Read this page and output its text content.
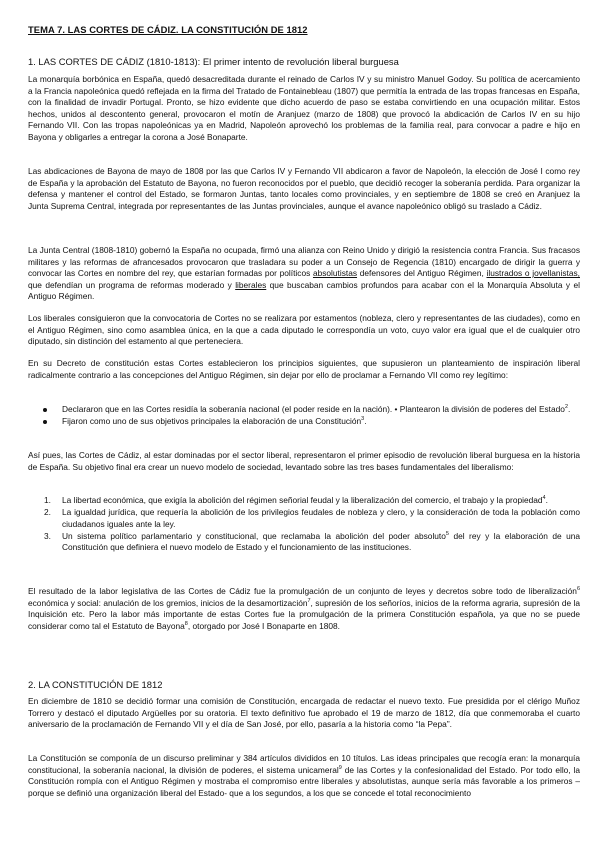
TEMA 7. LAS CORTES DE CÁDIZ. LA CONSTITUCIÓN DE 1812
1. LAS CORTES DE CÁDIZ (1810-1813): El primer intento de revolución liberal burguesa

La monarquía borbónica en España, quedó desacreditada durante el reinado de Carlos IV y su ministro Manuel Godoy. Su política de acercamiento a la Francia napoleónica quedó reflejada en la firma del Tratado de Fontainebleau (1807) que permitía la entrada de las tropas francesas en España, con la finalidad de invadir Portugal. Pronto, se hizo evidente que dicho acuerdo de paso se estaba convirtiendo en una ocupación militar. Estos hechos, unidos al descontento general, provocaron el motín de Aranjuez (marzo de 1808) que provocó la abdicación de Carlos IV en su hijo Fernando VII. Con las tropas napoleónicas ya en Madrid, Napoleón aprovechó los problemas de la familia real, para convocar a padre e hijo en Bayona y obligarles a entregar la corona a José Bonaparte.

Las abdicaciones de Bayona de mayo de 1808 por las que Carlos IV y Fernando VII abdicaron a favor de Napoleón, la elección de José I como rey de España y la aprobación del Estatuto de Bayona, no fueron reconocidos por el pueblo, que decidió recoger la soberanía perdida. Para organizar la defensa y mantener el control del Estado, se formaron Juntas, tanto locales como provinciales, y en septiembre de 1808 se creó en Aranjuez la Junta Suprema Central, integrada por representantes de las Juntas provinciales, aunque el avance napoleónico obligó su traslado a Cádiz.

La Junta Central (1808-1810) gobernó la España no ocupada, firmó una alianza con Reino Unido y dirigió la resistencia contra Francia. Sus fracasos militares y las reformas de afrancesados provocaron que trasladara su poder a un Consejo de Regencia (1810) encargado de dirigir la guerra y convocar las Cortes en nombre del rey, que estarían formadas por políticos absolutistas defensores del Antiguo Régimen, ilustrados o jovellanistas, que defendían un programa de reformas moderado y liberales que buscaban cambios profundos para acabar con el la Monarquía Absoluta y el Antiguo Régimen.

Los liberales consiguieron que la convocatoria de Cortes no se realizara por estamentos (nobleza, clero y representantes de las ciudades), como en el Antiguo Régimen, sino como asamblea única, en la que a cada diputado le correspondía un voto, cuyo valor era igual que el de cualquier otro diputado, sin distinción del estamento al que perteneciera.

En su Decreto de constitución estas Cortes establecieron los principios siguientes, que supusieron un planteamiento de inspiración liberal radicalmente contrario a las concepciones del Antiguo Régimen, sin dejar por ello de proclamar a Fernando VII como rey legítimo:

Declararon que en las Cortes residía la soberanía nacional (el poder reside en la nación). • Plantearon la división de poderes del Estado$^2$.
Fijaron como uno de sus objetivos principales la elaboración de una Constitución$^3$.

Así pues, las Cortes de Cádiz, al estar dominadas por el sector liberal, representaron el primer episodio de revolución liberal burguesa en la historia de España. Su objetivo final era crear un nuevo modelo de sociedad, levantado sobre las tres bases fundamentales del liberalismo:

1. La libertad económica, que exigía la abolición del régimen señorial feudal y la liberalización del comercio, el trabajo y la propiedad$^4$.
2. La igualdad jurídica, que requería la abolición de los privilegios feudales de nobleza y clero, y la consideración de toda la población como ciudadanos iguales ante la ley.
3. Un sistema político parlamentario y constitucional, que reclamaba la abolición del poder absoluto$^5$ del rey y la elaboración de una Constitución que definiera el nuevo modelo de Estado y el funcionamiento de las instituciones.

El resultado de la labor legislativa de las Cortes de Cádiz fue la promulgación de un conjunto de leyes y decretos sobre todo de liberalización$^6$ económica y social: anulación de los gremios, inicios de la desamortización$^7$, supresión de los señoríos, inicios de la reforma agraria, supresión de la Inquisición etc. Pero la labor más importante de estas Cortes fue la promulgación de la primera Constitución española, ya que no se puede considerar como tal el Estatuto de Bayona$^8$, otorgado por José I Bonaparte en 1808.

2. LA CONSTITUCIÓN DE 1812

En diciembre de 1810 se decidió formar una comisión de Constitución, encargada de redactar el nuevo texto. Fue presidida por el clérigo Muñoz Torrero y destacó el diputado Argüelles por su oratoria. El texto definitivo fue aprobado el 19 de marzo de 1812, día que conmemoraba el cuarto aniversario de la proclamación de Fernando VII y el día de San José, por ello, pasaría a la historia como “la Pepa”.

La Constitución se componía de un discurso preliminar y 384 artículos divididos en 10 títulos. Las ideas principales que recogía eran: la monarquía constitucional, la soberanía nacional, la división de poderes, el sistema unicameral$^9$ de las Cortes y la confesionalidad del Estado. Por todo ello, la Constitución rompía con el Antiguo Régimen y mostraba el compromiso entre liberales y absolutistas, aunque sería más favorable a los primeros –porque se definió una organización liberal del Estado- que a los segundos, a los que se concede el total reconocimiento
